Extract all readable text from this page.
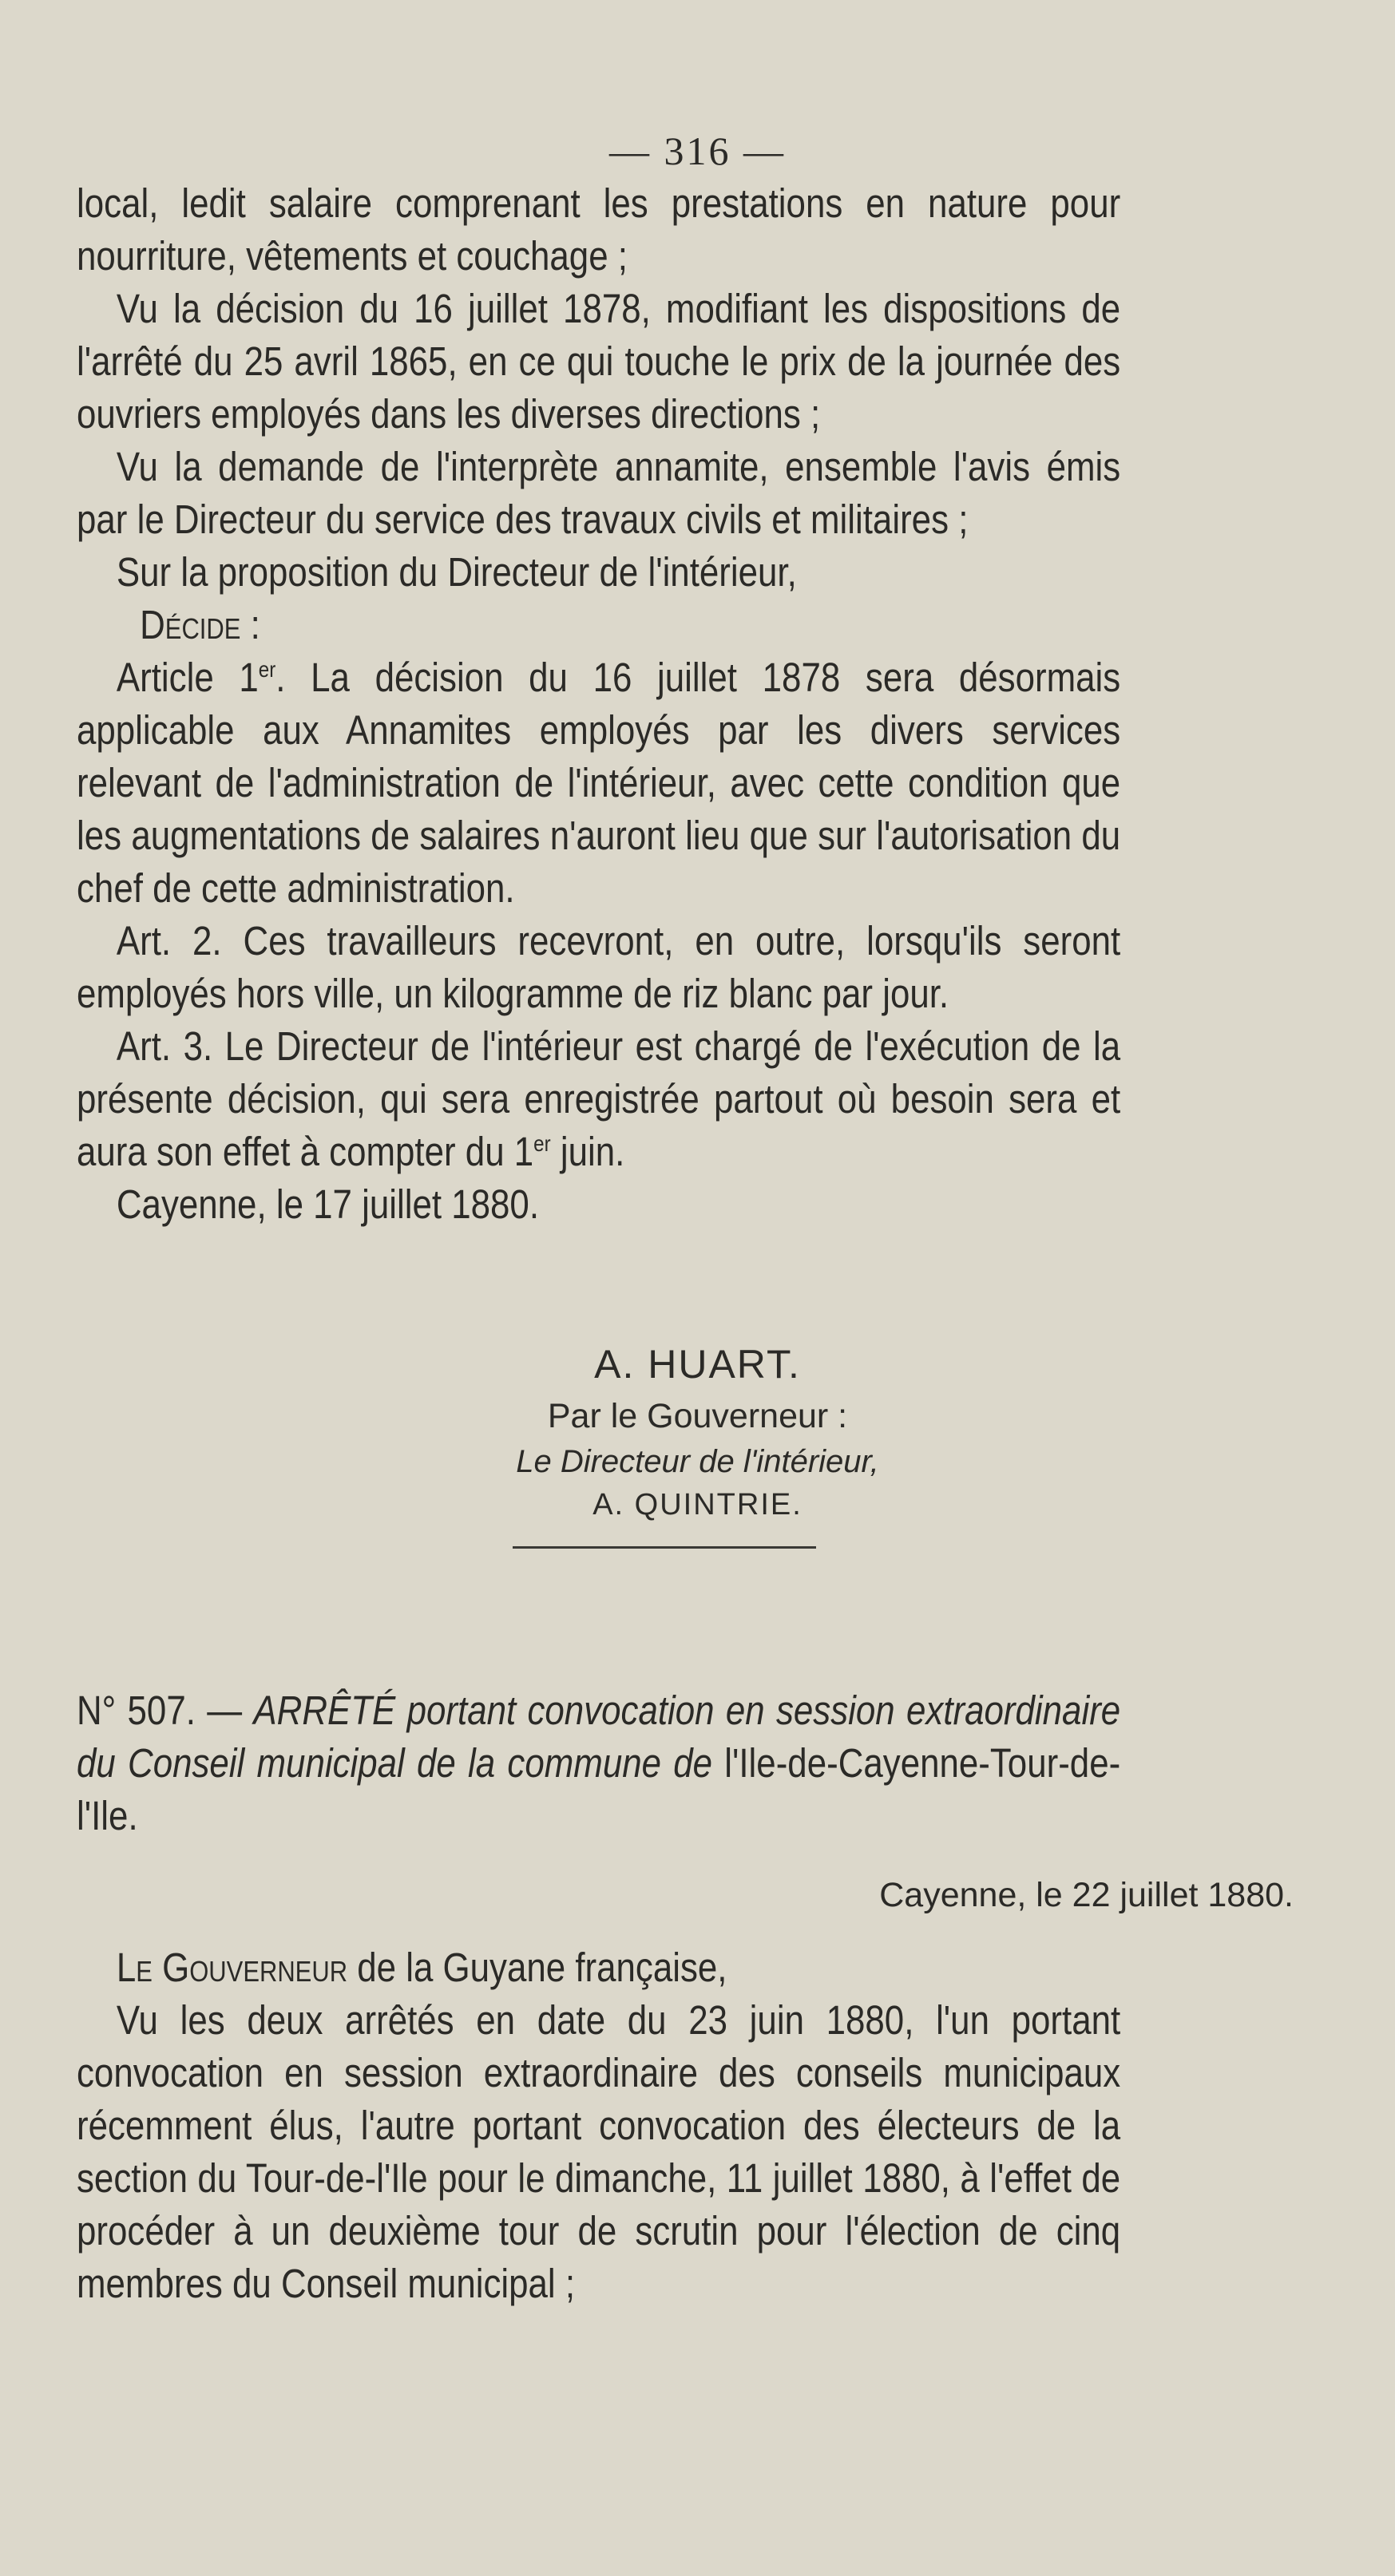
— 316 —

local, ledit salaire comprenant les prestations en nature pour nourriture, vêtements et couchage ;

Vu la décision du 16 juillet 1878, modifiant les dispositions de l'arrêté du 25 avril 1865, en ce qui touche le prix de la journée des ouvriers employés dans les diverses directions ;

Vu la demande de l'interprète annamite, ensemble l'avis émis par le Directeur du service des travaux civils et militaires ;

Sur la proposition du Directeur de l'intérieur,

Décide :

Article 1er. La décision du 16 juillet 1878 sera désormais applicable aux Annamites employés par les divers services relevant de l'administration de l'intérieur, avec cette condition que les augmentations de salaires n'auront lieu que sur l'autorisation du chef de cette administration.

Art. 2. Ces travailleurs recevront, en outre, lorsqu'ils seront employés hors ville, un kilogramme de riz blanc par jour.

Art. 3. Le Directeur de l'intérieur est chargé de l'exécution de la présente décision, qui sera enregistrée partout où besoin sera et aura son effet à compter du 1er juin.

Cayenne, le 17 juillet 1880.

A. HUART.
Par le Gouverneur :
Le Directeur de l'intérieur,
A. QUINTRIE.

N° 507. — ARRÊTÉ portant convocation en session extraordinaire du Conseil municipal de la commune de l'Ile-de-Cayenne-Tour-de-l'Ile.

Cayenne, le 22 juillet 1880.

Le Gouverneur de la Guyane française,

Vu les deux arrêtés en date du 23 juin 1880, l'un portant convocation en session extraordinaire des conseils municipaux récemment élus, l'autre portant convocation des électeurs de la section du Tour-de-l'Ile pour le dimanche, 11 juillet 1880, à l'effet de procéder à un deuxième tour de scrutin pour l'élection de cinq membres du Conseil municipal ;
